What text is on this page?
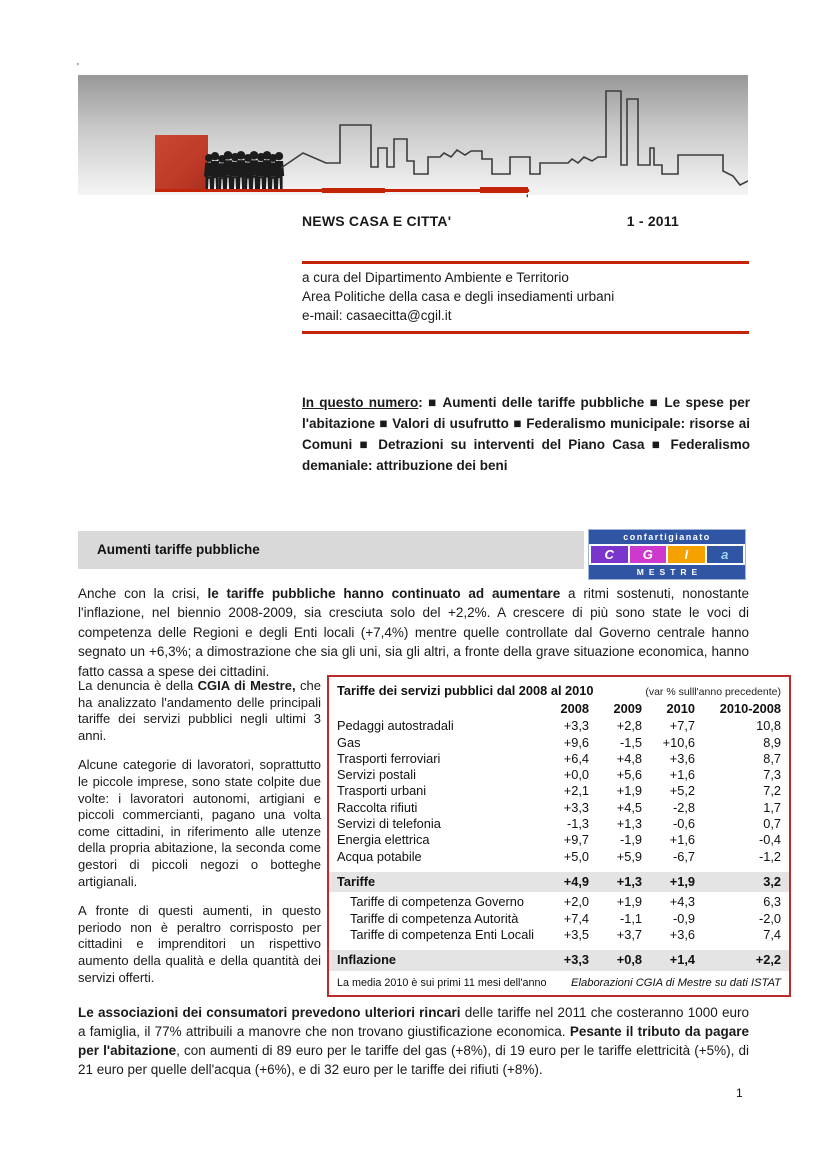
'
'
NEWS CASA E CITTA'	1 - 2011
a cura del Dipartimento Ambiente e Territorio
Area Politiche della casa e degli insediamenti urbani
e-mail: casaecitta@cgil.it
In questo numero: ■ Aumenti delle tariffe pubbliche ■ Le spese per l'abitazione ■ Valori di usufrutto ■ Federalismo municipale: risorse ai Comuni ■ Detrazioni su interventi del Piano Casa ■ Federalismo demaniale: attribuzione dei beni
Aumenti tariffe pubbliche
confartigianato
C	G	I	a
MESTRE
Anche con la crisi, le tariffe pubbliche hanno continuato ad aumentare a ritmi sostenuti, nonostante l'inflazione, nel biennio 2008-2009, sia cresciuta solo del +2,2%. A crescere di più sono state le voci di competenza delle Regioni e degli Enti locali (+7,4%) mentre quelle controllate dal Governo centrale hanno segnato un +6,3%; a dimostrazione che sia gli uni, sia gli altri, a fronte della grave situazione economica, hanno fatto cassa a spese dei cittadini.

La denuncia è della CGIA di Mestre, che ha analizzato l'andamento delle principali tariffe dei servizi pubblici negli ultimi 3 anni.

Alcune categorie di lavoratori, soprattutto le piccole imprese, sono state colpite due volte: i lavoratori autonomi, artigiani e piccoli commercianti, pagano una volta come cittadini, in riferimento alle utenze della propria abitazione, la seconda come gestori di piccoli negozi o botteghe artigianali.

A fronte di questi aumenti, in questo periodo non è peraltro corrisposto per cittadini e imprenditori un rispettivo aumento della qualità e della quantità dei servizi offerti.

Tariffe dei servizi pubblici dal 2008 al 2010	(var % sulll'anno precedente)
2008	2009	2010	2010-2008
Pedaggi autostradali	+3,3	+2,8	+7,7	10,8
Gas	+9,6	-1,5	+10,6	8,9
Trasporti ferroviari	+6,4	+4,8	+3,6	8,7
Servizi postali	+0,0	+5,6	+1,6	7,3
Trasporti urbani	+2,1	+1,9	+5,2	7,2
Raccolta rifiuti	+3,3	+4,5	-2,8	1,7
Servizi di telefonia	-1,3	+1,3	-0,6	0,7
Energia elettrica	+9,7	-1,9	+1,6	-0,4
Acqua potabile	+5,0	+5,9	-6,7	-1,2
Tariffe	+4,9	+1,3	+1,9	3,2
Tariffe di competenza Governo	+2,0	+1,9	+4,3	6,3
Tariffe di competenza Autorità	+7,4	-1,1	-0,9	-2,0
Tariffe di competenza Enti Locali	+3,5	+3,7	+3,6	7,4
Inflazione	+3,3	+0,8	+1,4	+2,2
La media 2010 è sui primi 11 mesi dell'anno Elaborazioni CGIA di Mestre su dati ISTAT
Le associazioni dei consumatori prevedono ulteriori rincari delle tariffe nel 2011 che costeranno 1000 euro a famiglia, il 77% attribuili a manovre che non trovano giustificazione economica. Pesante il tributo da pagare per l'abitazione, con aumenti di 89 euro per le tariffe del gas (+8%), di 19 euro per le tariffe elettricità (+5%), di 21 euro per quelle dell'acqua (+6%), e di 32 euro per le tariffe dei rifiuti (+8%).
1
